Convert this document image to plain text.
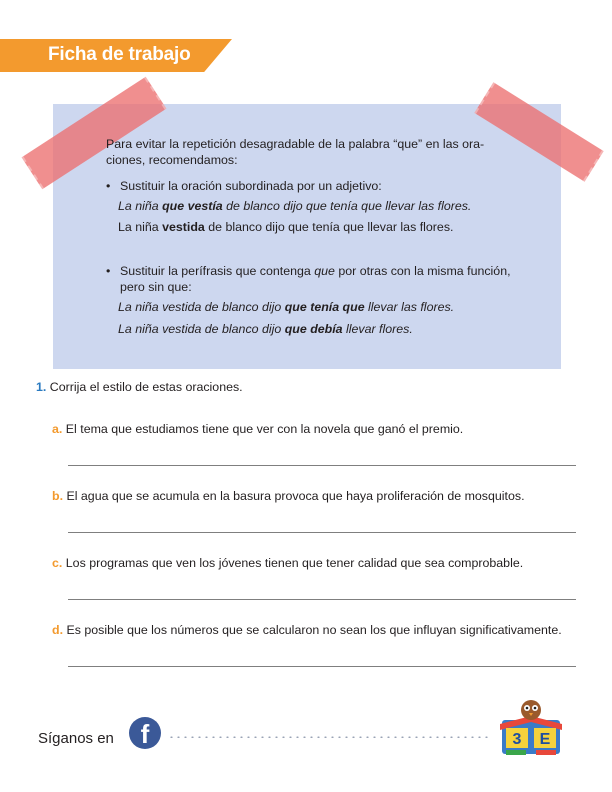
Ficha de trabajo
Para evitar la repetición desagradable de la palabra “que” en las ora-
ciones, recomendamos:
• Sustituir la oración subordinada por un adjetivo:
La niña que vestía de blanco dijo que tenía que llevar las flores.
La niña vestida de blanco dijo que tenía que llevar las flores.
• Sustituir la perífrasis que contenga que por otras con la misma función,
pero sin que:
La niña vestida de blanco dijo que tenía que llevar las flores.
La niña vestida de blanco dijo que debía llevar flores.
1. Corrija el estilo de estas oraciones.
a. El tema que estudiamos tiene que ver con la novela que ganó el premio.
b. El agua que se acumula en la basura provoca que haya proliferación de mosquitos.
c. Los programas que ven los jóvenes tienen que tener calidad que sea comprobable.
d. Es posible que los números que se calcularon no sean los que influyan significativamente.
Síganos en	f	3 E
